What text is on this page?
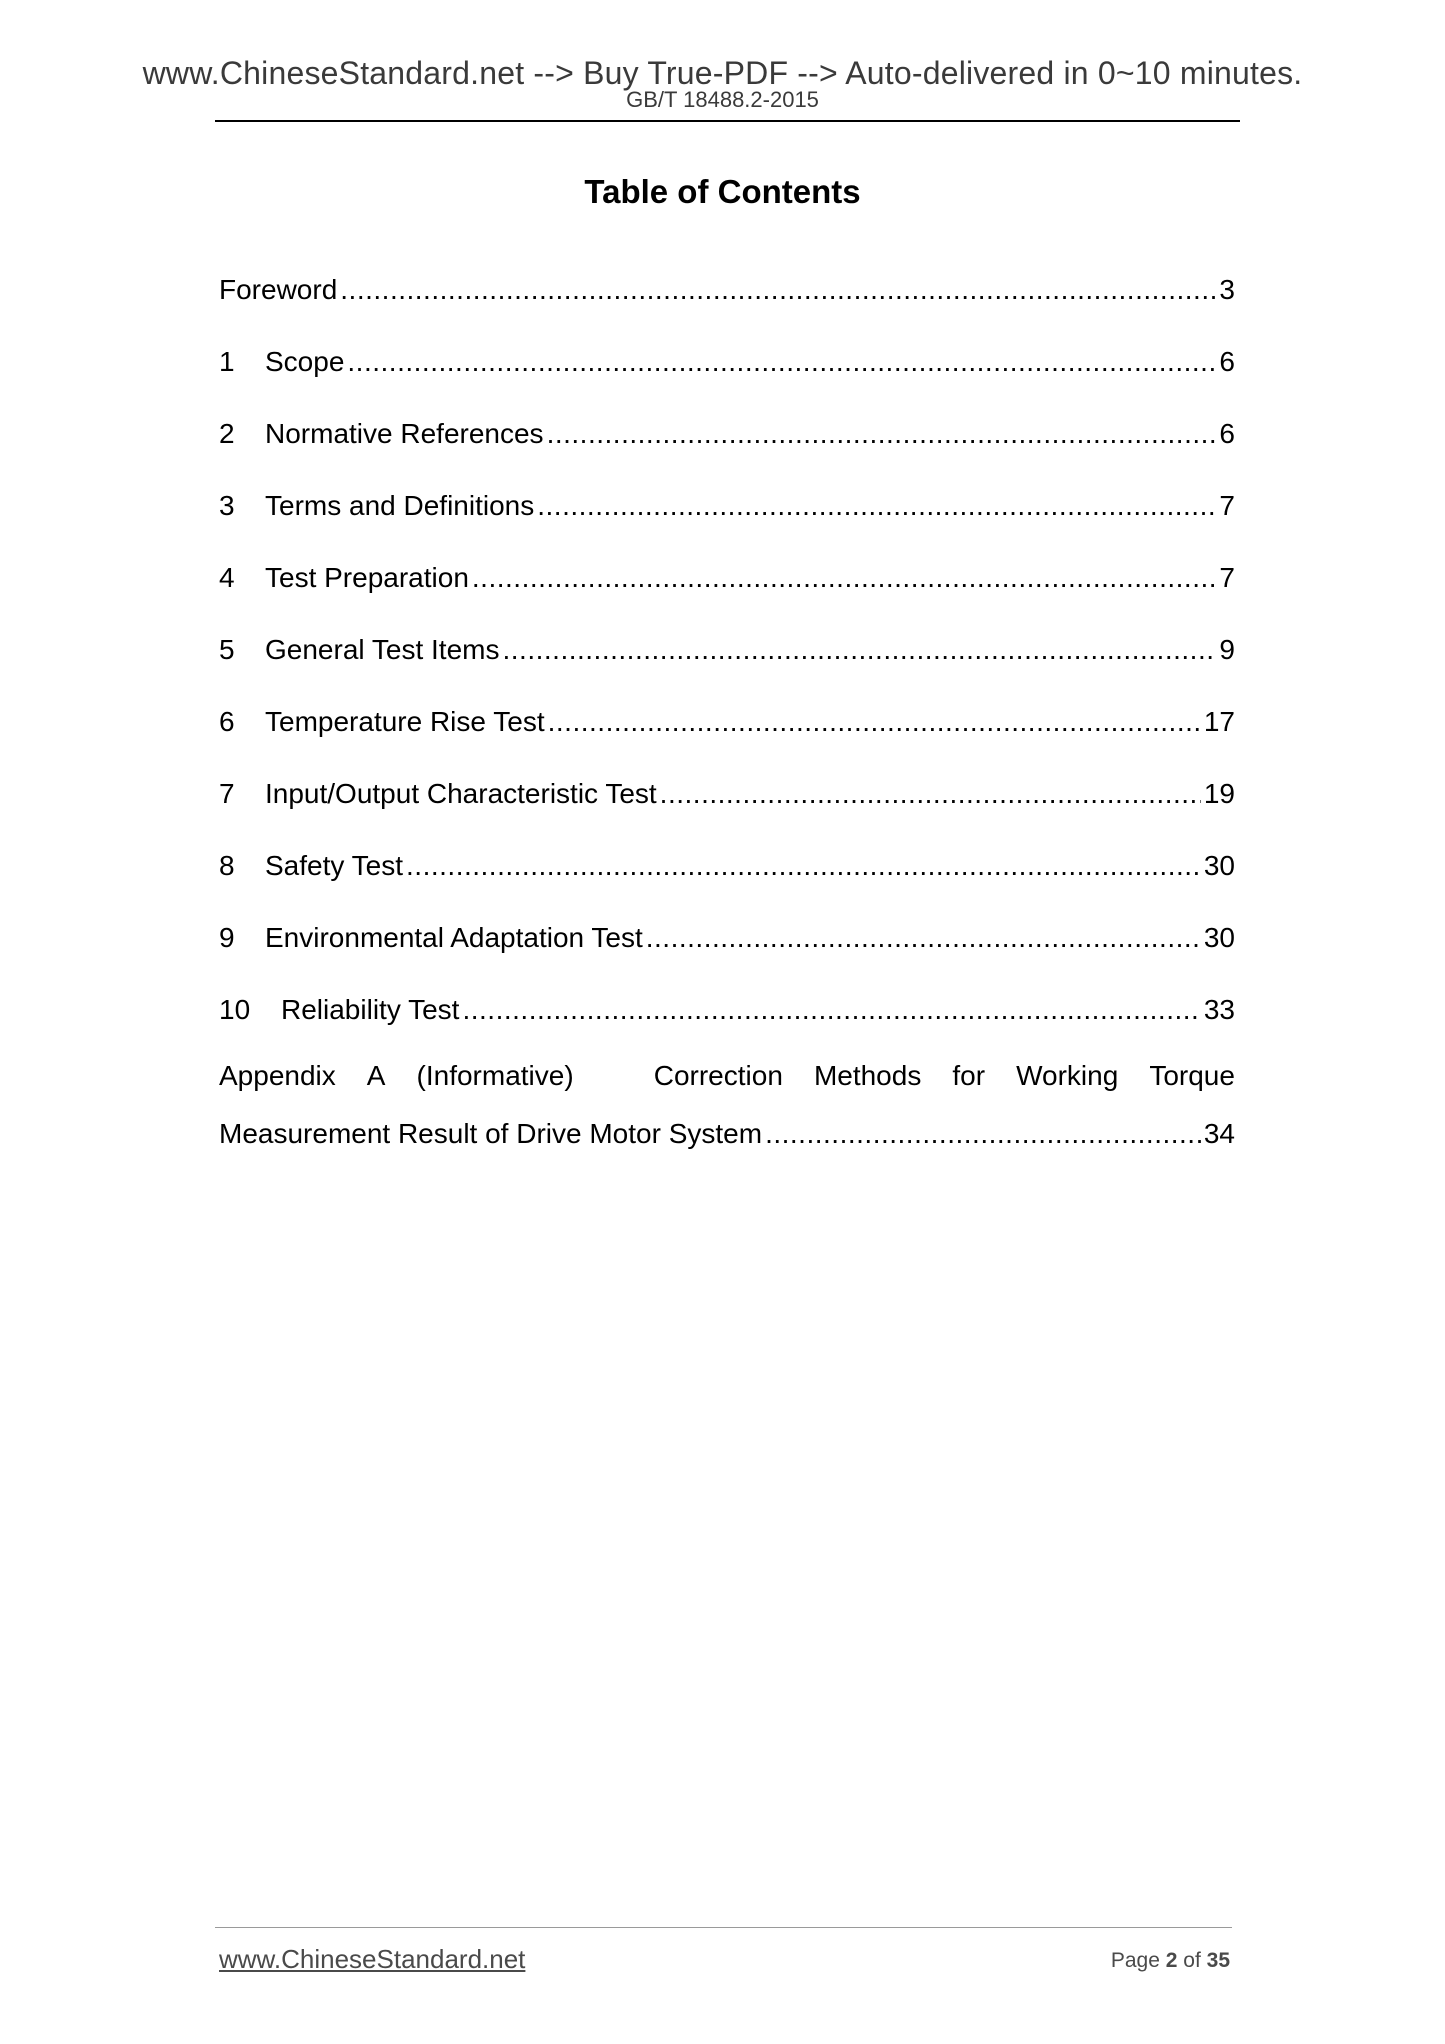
www.ChineseStandard.net --> Buy True-PDF --> Auto-delivered in 0~10 minutes.
GB/T 18488.2-2015
Table of Contents
Foreword .....	3
1	Scope .....	6
2	Normative References .....	6
3	Terms and Definitions .....	7
4	Test Preparation .....	7
5	General Test Items .....	9
6	Temperature Rise Test .....	17
7	Input/Output Characteristic Test .....	19
8	Safety Test .....	30
9	Environmental Adaptation Test .....	30
10	Reliability Test .....	33
Appendix A (Informative)	Correction Methods for Working Torque
Measurement Result of Drive Motor System .....	34
www.ChineseStandard.net	Page 2 of 35
